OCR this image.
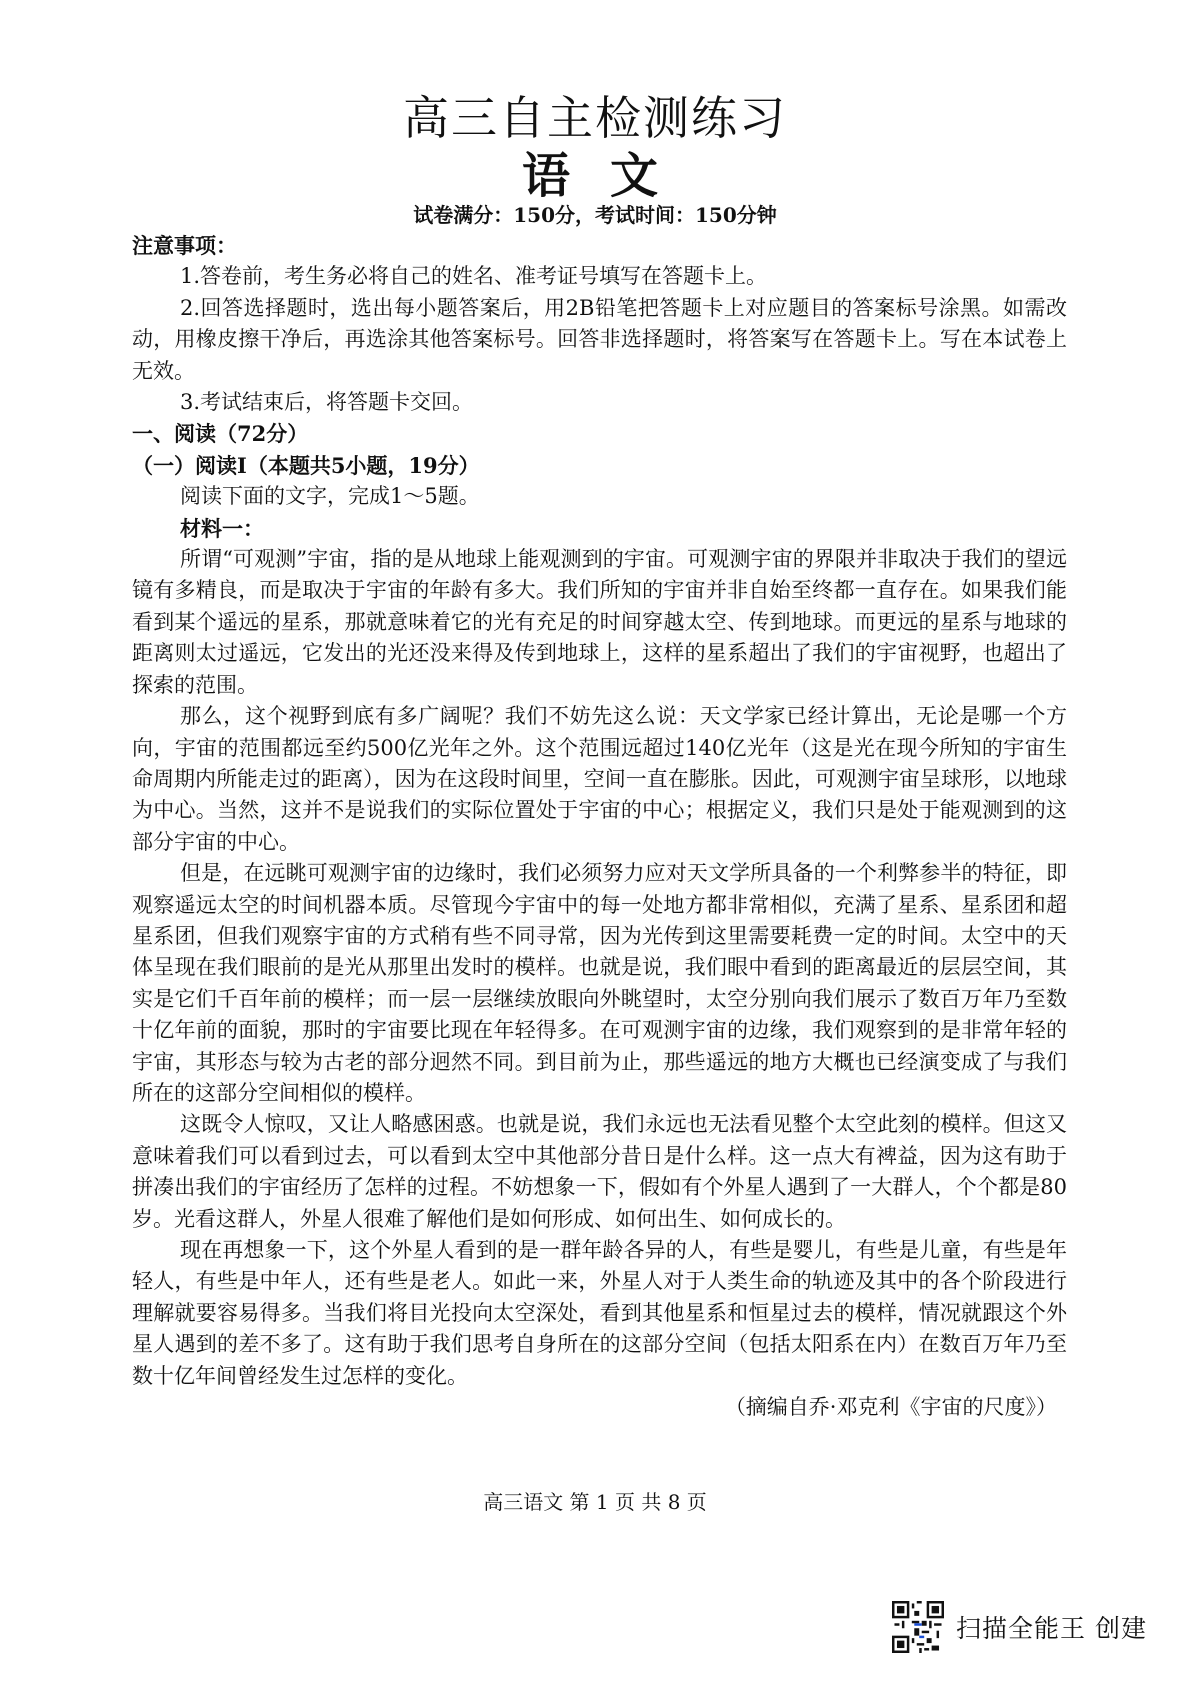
高三自主检测练习
语文
试卷满分：150分，考试时间：150分钟

注意事项：

1.答卷前，考生务必将自己的姓名、准考证号填写在答题卡上。

2.回答选择题时，选出每小题答案后，用2B铅笔把答题卡上对应题目的答案标号涂黑。如需改动，用橡皮擦干净后，再选涂其他答案标号。回答非选择题时，将答案写在答题卡上。写在本试卷上无效。

3.考试结束后，将答题卡交回。

一、阅读（72分）

（一）阅读Ⅰ（本题共5小题，19分）

阅读下面的文字，完成1～5题。

材料一：

所谓“可观测”宇宙，指的是从地球上能观测到的宇宙。可观测宇宙的界限并非取决于我们的望远镜有多精良，而是取决于宇宙的年龄有多大。我们所知的宇宙并非自始至终都一直存在。如果我们能看到某个遥远的星系，那就意味着它的光有充足的时间穿越太空、传到地球。而更远的星系与地球的距离则太过遥远，它发出的光还没来得及传到地球上，这样的星系超出了我们的宇宙视野，也超出了探索的范围。

那么，这个视野到底有多广阔呢？我们不妨先这么说：天文学家已经计算出，无论是哪一个方向，宇宙的范围都远至约500亿光年之外。这个范围远超过140亿光年（这是光在现今所知的宇宙生命周期内所能走过的距离），因为在这段时间里，空间一直在膨胀。因此，可观测宇宙呈球形，以地球为中心。当然，这并不是说我们的实际位置处于宇宙的中心；根据定义，我们只是处于能观测到的这部分宇宙的中心。

但是，在远眺可观测宇宙的边缘时，我们必须努力应对天文学所具备的一个利弊参半的特征，即观察遥远太空的时间机器本质。尽管现今宇宙中的每一处地方都非常相似，充满了星系、星系团和超星系团，但我们观察宇宙的方式稍有些不同寻常，因为光传到这里需要耗费一定的时间。太空中的天体呈现在我们眼前的是光从那里出发时的模样。也就是说，我们眼中看到的距离最近的层层空间，其实是它们千百年前的模样；而一层一层继续放眼向外眺望时，太空分别向我们展示了数百万年乃至数十亿年前的面貌，那时的宇宙要比现在年轻得多。在可观测宇宙的边缘，我们观察到的是非常年轻的宇宙，其形态与较为古老的部分迥然不同。到目前为止，那些遥远的地方大概也已经演变成了与我们所在的这部分空间相似的模样。

这既令人惊叹，又让人略感困惑。也就是说，我们永远也无法看见整个太空此刻的模样。但这又意味着我们可以看到过去，可以看到太空中其他部分昔日是什么样。这一点大有裨益，因为这有助于拼凑出我们的宇宙经历了怎样的过程。不妨想象一下，假如有个外星人遇到了一大群人，个个都是80岁。光看这群人，外星人很难了解他们是如何形成、如何出生、如何成长的。

现在再想象一下，这个外星人看到的是一群年龄各异的人，有些是婴儿，有些是儿童，有些是年轻人，有些是中年人，还有些是老人。如此一来，外星人对于人类生命的轨迹及其中的各个阶段进行理解就要容易得多。当我们将目光投向太空深处，看到其他星系和恒星过去的模样，情况就跟这个外星人遇到的差不多了。这有助于我们思考自身所在的这部分空间（包括太阳系在内）在数百万年乃至数十亿年间曾经发生过怎样的变化。

（摘编自乔·邓克利《宇宙的尺度》）

高三语文 第 1 页 共 8 页
扫描全能王 创建
